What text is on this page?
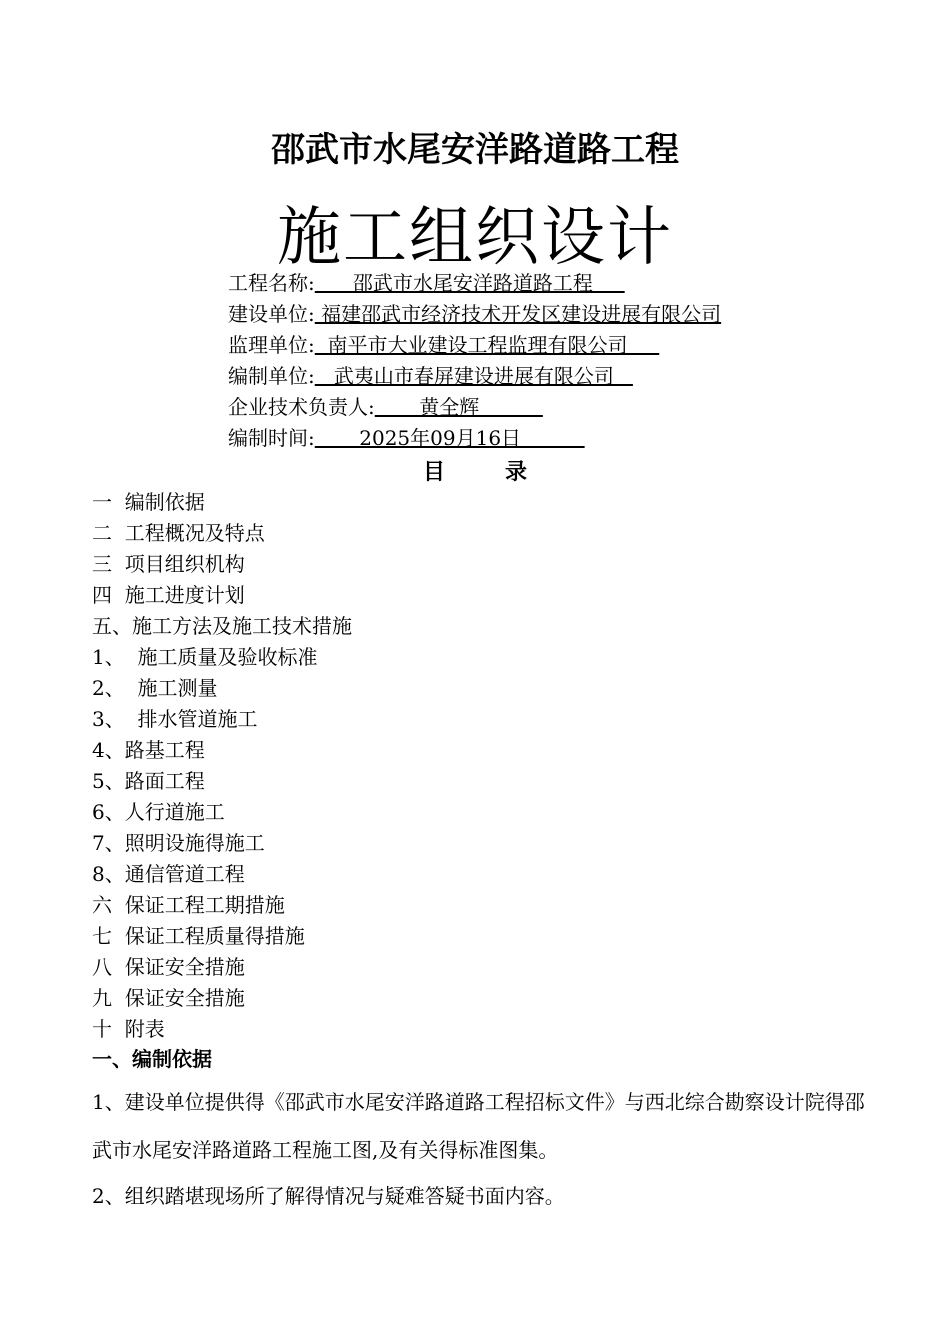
邵武市水尾安洋路道路工程
施工组织设计
工程名称:      邵武市水尾安洋路道路工程
建设单位: 福建邵武市经济技术开发区建设进展有限公司
监理单位:  南平市大业建设工程监理有限公司
编制单位:   武夷山市春屏建设进展有限公司
企业技术负责人:       黄全辉
编制时间:       2025年09月16日
目	录
一  编制依据
二  工程概况及特点
三  项目组织机构
四  施工进度计划
五、施工方法及施工技术措施
1、  施工质量及验收标准
2、  施工测量
3、  排水管道施工
4、路基工程
5、路面工程
6、人行道施工
7、照明设施得施工
8、通信管道工程
六  保证工程工期措施
七  保证工程质量得措施
八  保证安全措施
九  保证安全措施
十  附表
一、编制依据
1、建设单位提供得《邵武市水尾安洋路道路工程招标文件》与西北综合勘察设计院得邵武市水尾安洋路道路工程施工图,及有关得标准图集。
2、组织踏堪现场所了解得情况与疑难答疑书面内容。
